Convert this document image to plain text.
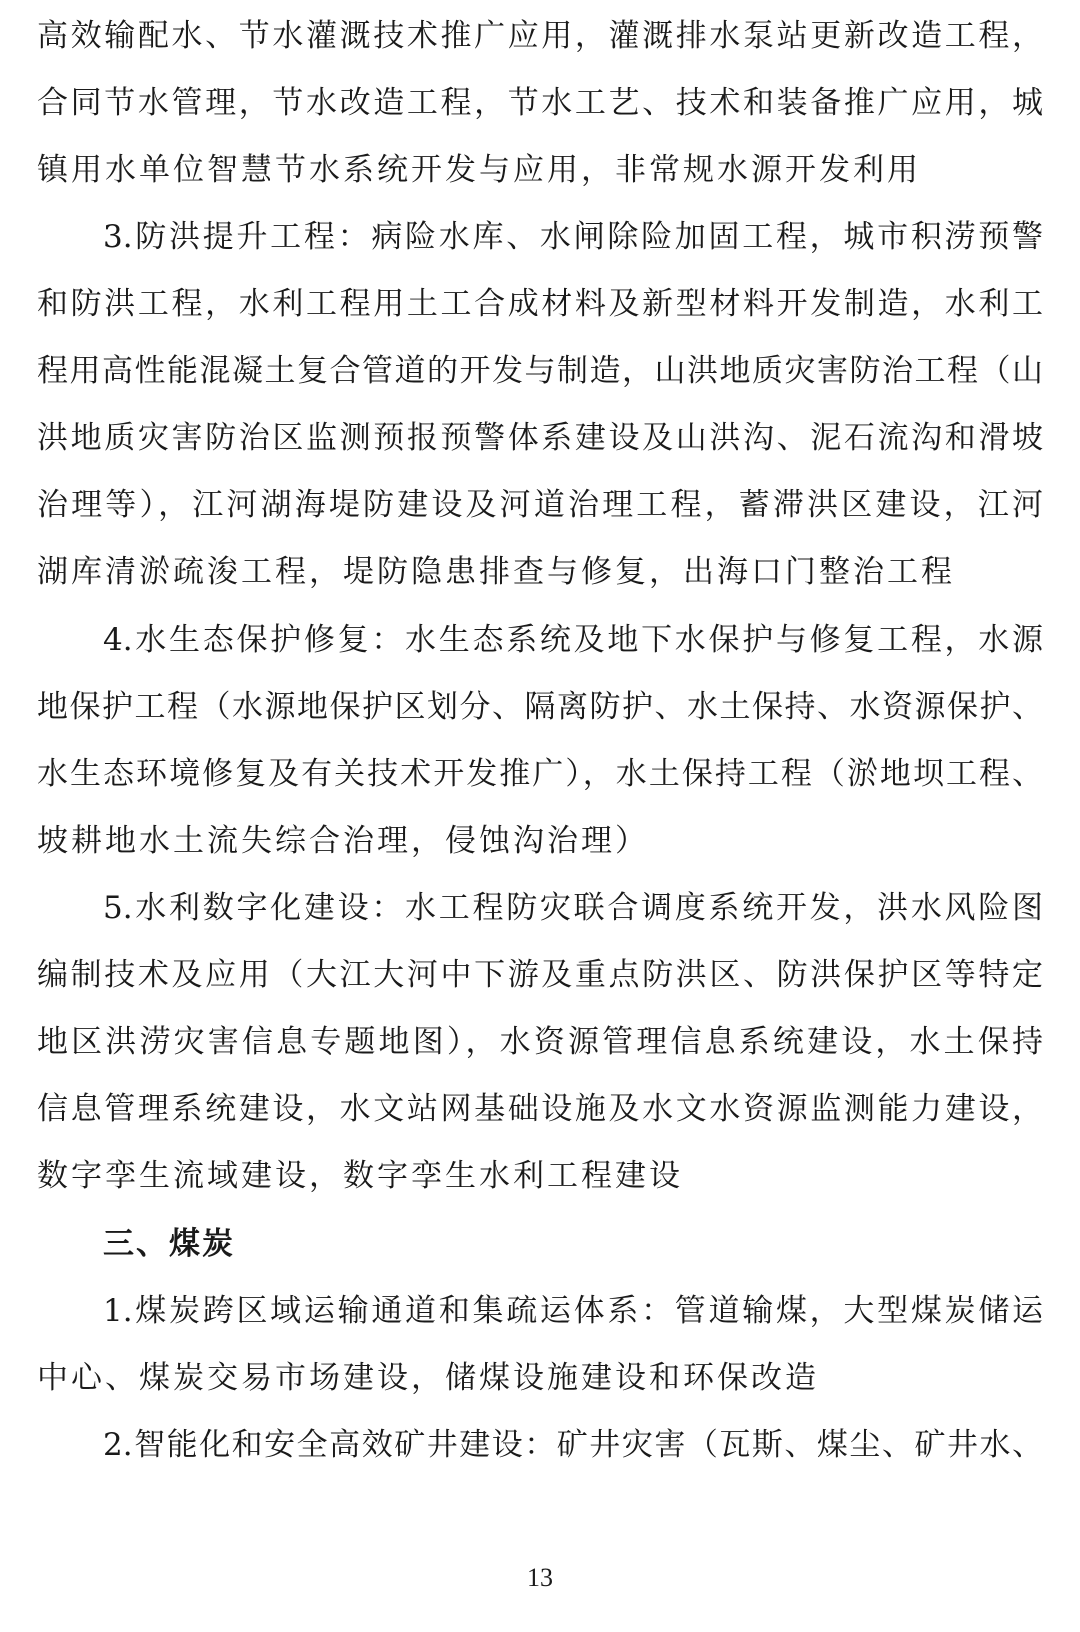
高效输配水、节水灌溉技术推广应用，灌溉排水泵站更新改造工程，
合同节水管理，节水改造工程，节水工艺、技术和装备推广应用，城
镇用水单位智慧节水系统开发与应用，非常规水源开发利用
3.防洪提升工程：病险水库、水闸除险加固工程，城市积涝预警
和防洪工程，水利工程用土工合成材料及新型材料开发制造，水利工
程用高性能混凝土复合管道的开发与制造，山洪地质灾害防治工程（山
洪地质灾害防治区监测预报预警体系建设及山洪沟、泥石流沟和滑坡
治理等），江河湖海堤防建设及河道治理工程，蓄滞洪区建设，江河
湖库清淤疏浚工程，堤防隐患排查与修复，出海口门整治工程
4.水生态保护修复：水生态系统及地下水保护与修复工程，水源
地保护工程（水源地保护区划分、隔离防护、水土保持、水资源保护、
水生态环境修复及有关技术开发推广），水土保持工程（淤地坝工程、
坡耕地水土流失综合治理，侵蚀沟治理）
5.水利数字化建设：水工程防灾联合调度系统开发，洪水风险图
编制技术及应用（大江大河中下游及重点防洪区、防洪保护区等特定
地区洪涝灾害信息专题地图），水资源管理信息系统建设，水土保持
信息管理系统建设，水文站网基础设施及水文水资源监测能力建设，
数字孪生流域建设，数字孪生水利工程建设
三、煤炭
1.煤炭跨区域运输通道和集疏运体系：管道输煤，大型煤炭储运
中心、煤炭交易市场建设，储煤设施建设和环保改造
2.智能化和安全高效矿井建设：矿井灾害（瓦斯、煤尘、矿井水、
13
